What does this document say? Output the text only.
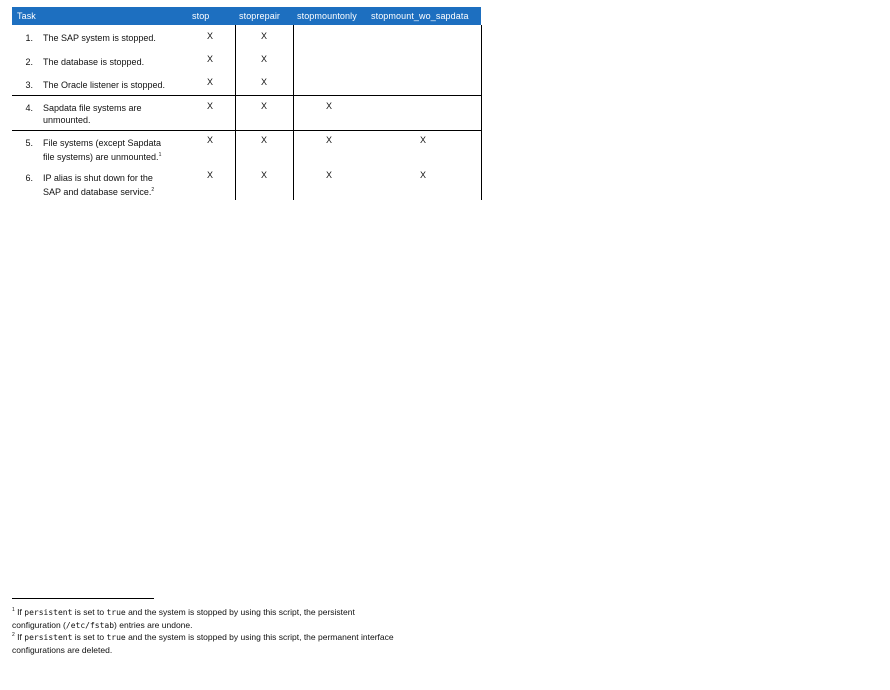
Task	stop	stoprepair stopmountonly stopmount_wo_sapdata
1. The SAP system is stopped.	X	X
2. The database is stopped.	X	X
3. The Oracle listener is stopped.	X	X
4. Sapdata file systems are
unmounted.
X	X	X
5. File systems (except Sapdata
file systems) are unmounted.$^1$
X	X	X	X
6. IP alias is shut down for the
SAP and database service.$^2$
X	X	X	X
$^1$ If persistent is set to true and the system is stopped by using this script, the persistent
configuration (/etc/fstab) entries are undone.
$^2$ If persistent is set to true and the system is stopped by using this script, the permanent interface
configurations are deleted.
